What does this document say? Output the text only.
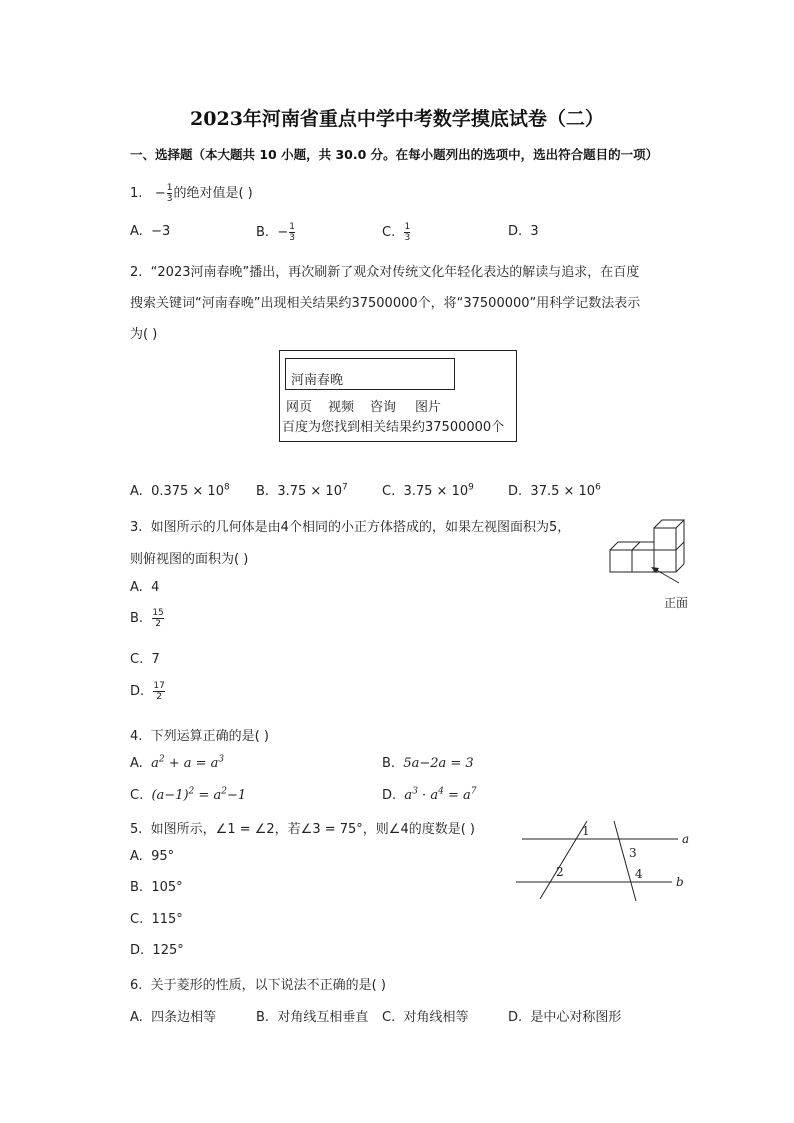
2023年河南省重点中学中考数学摸底试卷（二）
一、选择题（本大题共 10 小题，共 30.0 分。在每小题列出的选项中，选出符合题目的一项）
1. − $\frac{1}{3}$ 的绝对值是( )
A. −3	B. − $\frac{1}{3}$	C. $\frac{1}{3}$	D. 3
2. “2023河南春晚”播出，再次刷新了观众对传统文化年轻化表达的解读与追求，在百度
搜索关键词“河南春晚”出现相关结果约37500000个，将“37500000”用科学记数法表示
为( )
河南春晚
网页 视频 咨询 图片
百度为您找到相关结果约37500000个
A. $0.375 \times 10^8$ B. $3.75 \times 10^7$	C. $3.75 \times 10^9$	D. $37.5 \times 10^6$
3. 如图所示的几何体是由4个相同的小正方体搭成的，如果左视图面积为5，
则俯视图的面积为( )
正面
A. 4
B. $\frac{15}{2}$
C. 7
D. $\frac{17}{2}$
4. 下列运算正确的是( )
A. $a^2 + a = a^3$	B. 5a−2a = 3
C. $(a-1)^2 = a^2-1$	D. $a^3 \cdot a^4 = a^7$
5. 如图所示，∠1 = ∠2，若∠3 = 75°，则∠4的度数是( )
A. 95°
B. 105°
C. 115°
D. 125°
1
2
3
4
a
b
6. 关于菱形的性质，以下说法不正确的是( )
A. 四条边相等	B. 对角线互相垂直 C. 对角线相等	D. 是中心对称图形
